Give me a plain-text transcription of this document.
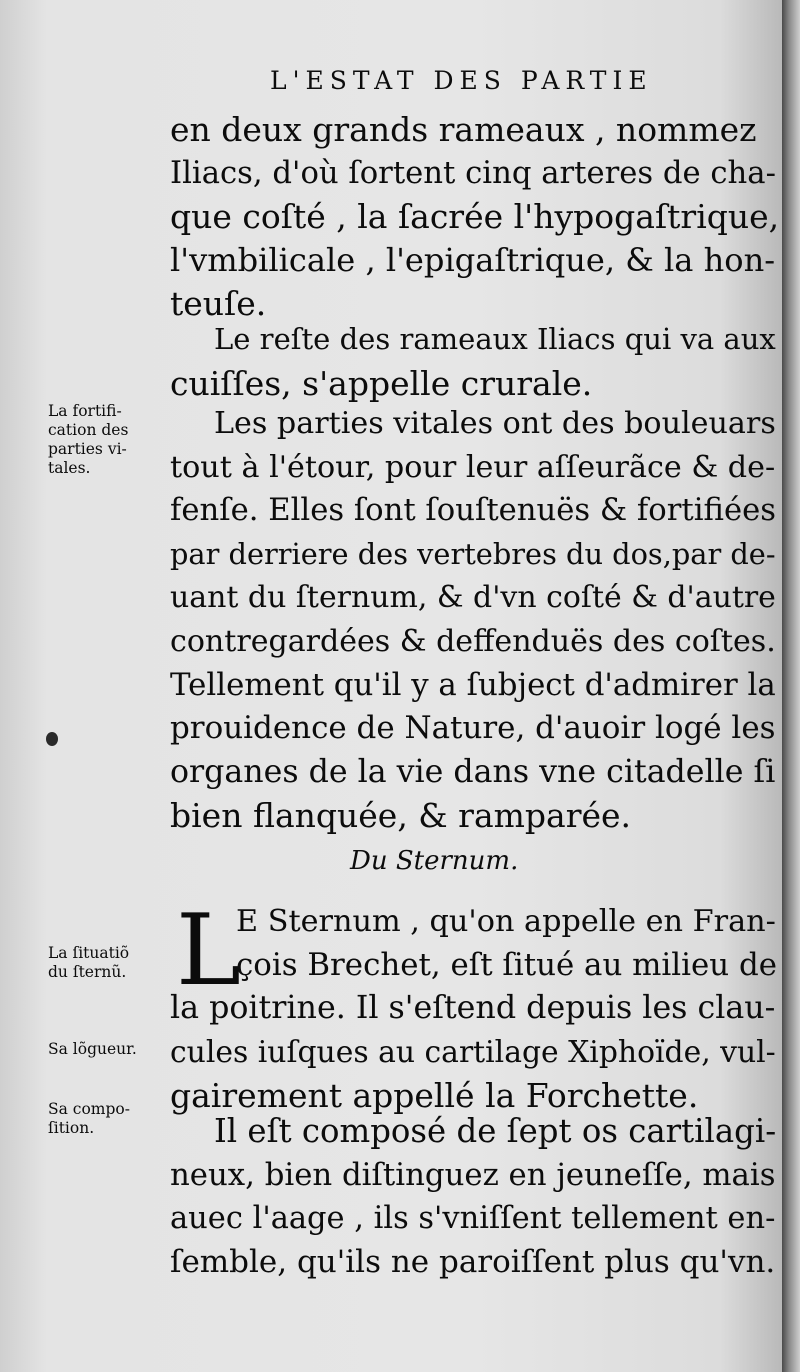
L'ESTAT DES PARTIE
en deux grands rameaux , nommez
Iliacs, d'où ſortent cinq arteres de cha-
que coſté , la ſacrée l'hypogaſtrique,
l'vmbilicale , l'epigaſtrique, & la hon-
teuſe.
Le reſte des rameaux Iliacs qui va aux
cuiſſes, s'appelle crurale.
La fortifi-
cation des
parties vi-
tales.
Les parties vitales ont des bouleuars
tout à l'étour, pour leur aſſeurãce & de-
fenſe. Elles ſont ſouſtenuës & fortifiées
par derriere des vertebres du dos,par de-
uant du ſternum, & d'vn coſté & d'autre
contregardées & deffenduës des coſtes.
Tellement qu'il y a ſubject d'admirer la
prouidence de Nature, d'auoir logé les
organes de la vie dans vne citadelle ſi
bien flanquée, & ramparée.
Du Sternum.
L
La ſituatiõ
du ſternũ.
Sa lõgueur.
Sa compo-
ſition.
E Sternum , qu'on appelle en Fran-
çois Brechet, eſt ſitué au milieu de
la poitrine. Il s'eſtend depuis les clau-
cules iuſques au cartilage Xiphoïde, vul-
gairement appellé la Forchette.
Il eſt composé de ſept os cartilagi-
neux, bien diſtinguez en jeuneſſe, mais
auec l'aage , ils s'vniſſent tellement en-
ſemble, qu'ils ne paroiſſent plus qu'vn.
